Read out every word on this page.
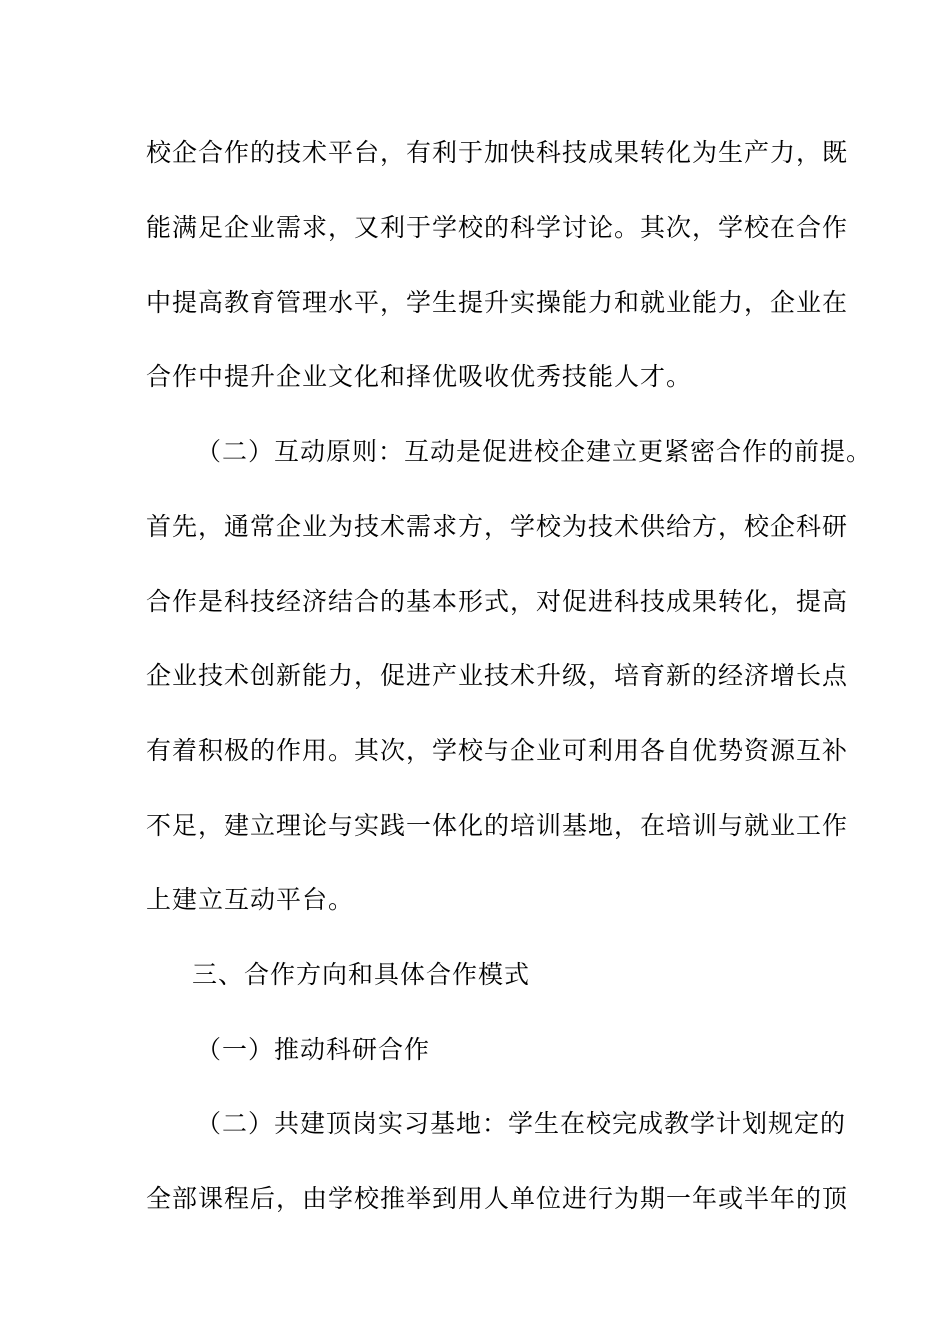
校企合作的技术平台，有利于加快科技成果转化为生产力，既
能满足企业需求，又利于学校的科学讨论。其次，学校在合作
中提高教育管理水平，学生提升实操能力和就业能力，企业在
合作中提升企业文化和择优吸收优秀技能人才。
（二）互动原则：互动是促进校企建立更紧密合作的前提。
首先，通常企业为技术需求方，学校为技术供给方，校企科研
合作是科技经济结合的基本形式，对促进科技成果转化，提高
企业技术创新能力，促进产业技术升级，培育新的经济增长点
有着积极的作用。其次，学校与企业可利用各自优势资源互补
不足，建立理论与实践一体化的培训基地，在培训与就业工作
上建立互动平台。
三、合作方向和具体合作模式
（一）推动科研合作
（二）共建顶岗实习基地：学生在校完成教学计划规定的
全部课程后，由学校推举到用人单位进行为期一年或半年的顶
